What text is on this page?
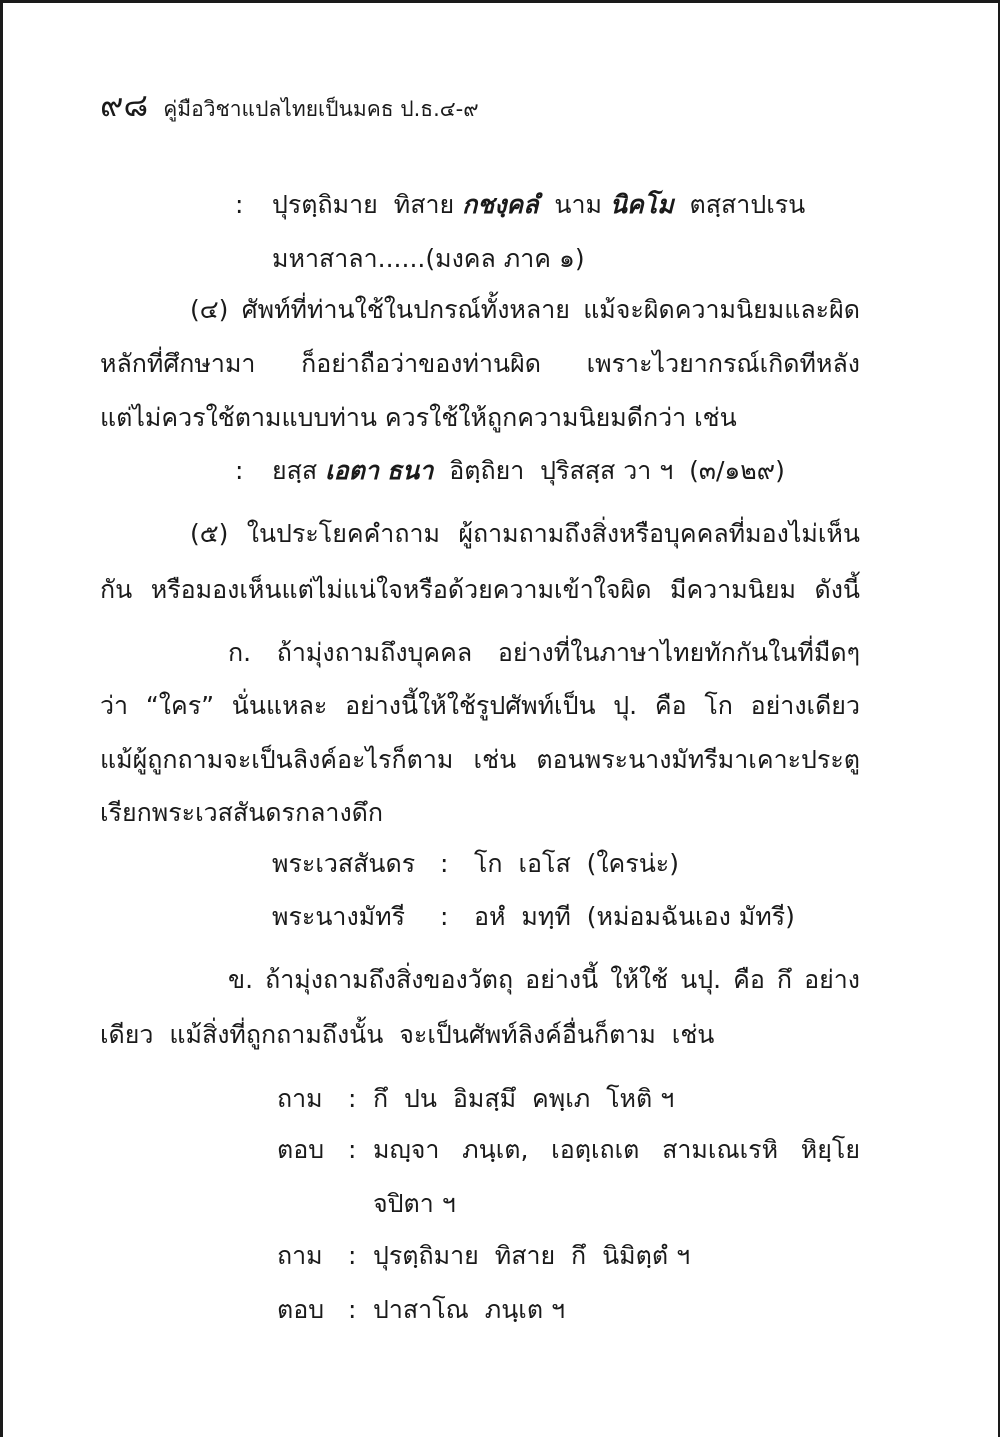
๙๘ คู่มือวิชาแปลไทยเป็นมคธ ป.ธ.๔-๙
: ปุรตฺถิมาย  ทิสาย กชงฺคลํ  นาม นิคโม  ตสฺสาปเรน
มหาสาลา......(มงคล ภาค ๑)
(๔) ศัพท์ที่ท่านใช้ในปกรณ์ทั้งหลาย แม้จะผิดความนิยมและผิด
หลักที่ศึกษามา ก็อย่าถือว่าของท่านผิด เพราะไวยากรณ์เกิดทีหลัง
แต่ไม่ควรใช้ตามแบบท่าน ควรใช้ให้ถูกความนิยมดีกว่า เช่น
: ยสฺส เอตา ธนา  อิตฺถิยา  ปุริสสฺส วา ฯ  (๓/๑๒๙)
(๕) ในประโยคคำถาม ผู้ถามถามถึงสิ่งหรือบุคคลที่มองไม่เห็น
กัน หรือมองเห็นแต่ไม่แน่ใจหรือด้วยความเข้าใจผิด มีความนิยม ดังนี้
ก. ถ้ามุ่งถามถึงบุคคล อย่างที่ในภาษาไทยทักกันในที่มืดๆ
ว่า “ใคร” นั่นแหละ อย่างนี้ให้ใช้รูปศัพท์เป็น ปุ. คือ โก อย่างเดียว
แม้ผู้ถูกถามจะเป็นลิงค์อะไรก็ตาม เช่น ตอนพระนางมัทรีมาเคาะประตู
เรียกพระเวสสันดรกลางดึก
พระเวสสันดร : โก  เอโส  (ใครน่ะ)
พระนางมัทรี : อหํ  มทฺที  (หม่อมฉันเอง มัทรี)
ข. ถ้ามุ่งถามถึงสิ่งของวัตถุ อย่างนี้ ให้ใช้ นปุ. คือ กึ อย่าง
เดียว  แม้สิ่งที่ถูกถามถึงนั้น  จะเป็นศัพท์ลิงค์อื่นก็ตาม  เช่น
ถาม : กึ  ปน  อิมสฺมึ  คพฺเภ  โหติ ฯ
ตอบ : มญฺจา ภนฺเต, เอตฺเถเต สามเณเรหิ หิยฺโย
จปิตา ฯ
ถาม : ปุรตฺถิมาย  ทิสาย  กึ  นิมิตฺตํ ฯ
ตอบ : ปาสาโณ  ภนฺเต ฯ
